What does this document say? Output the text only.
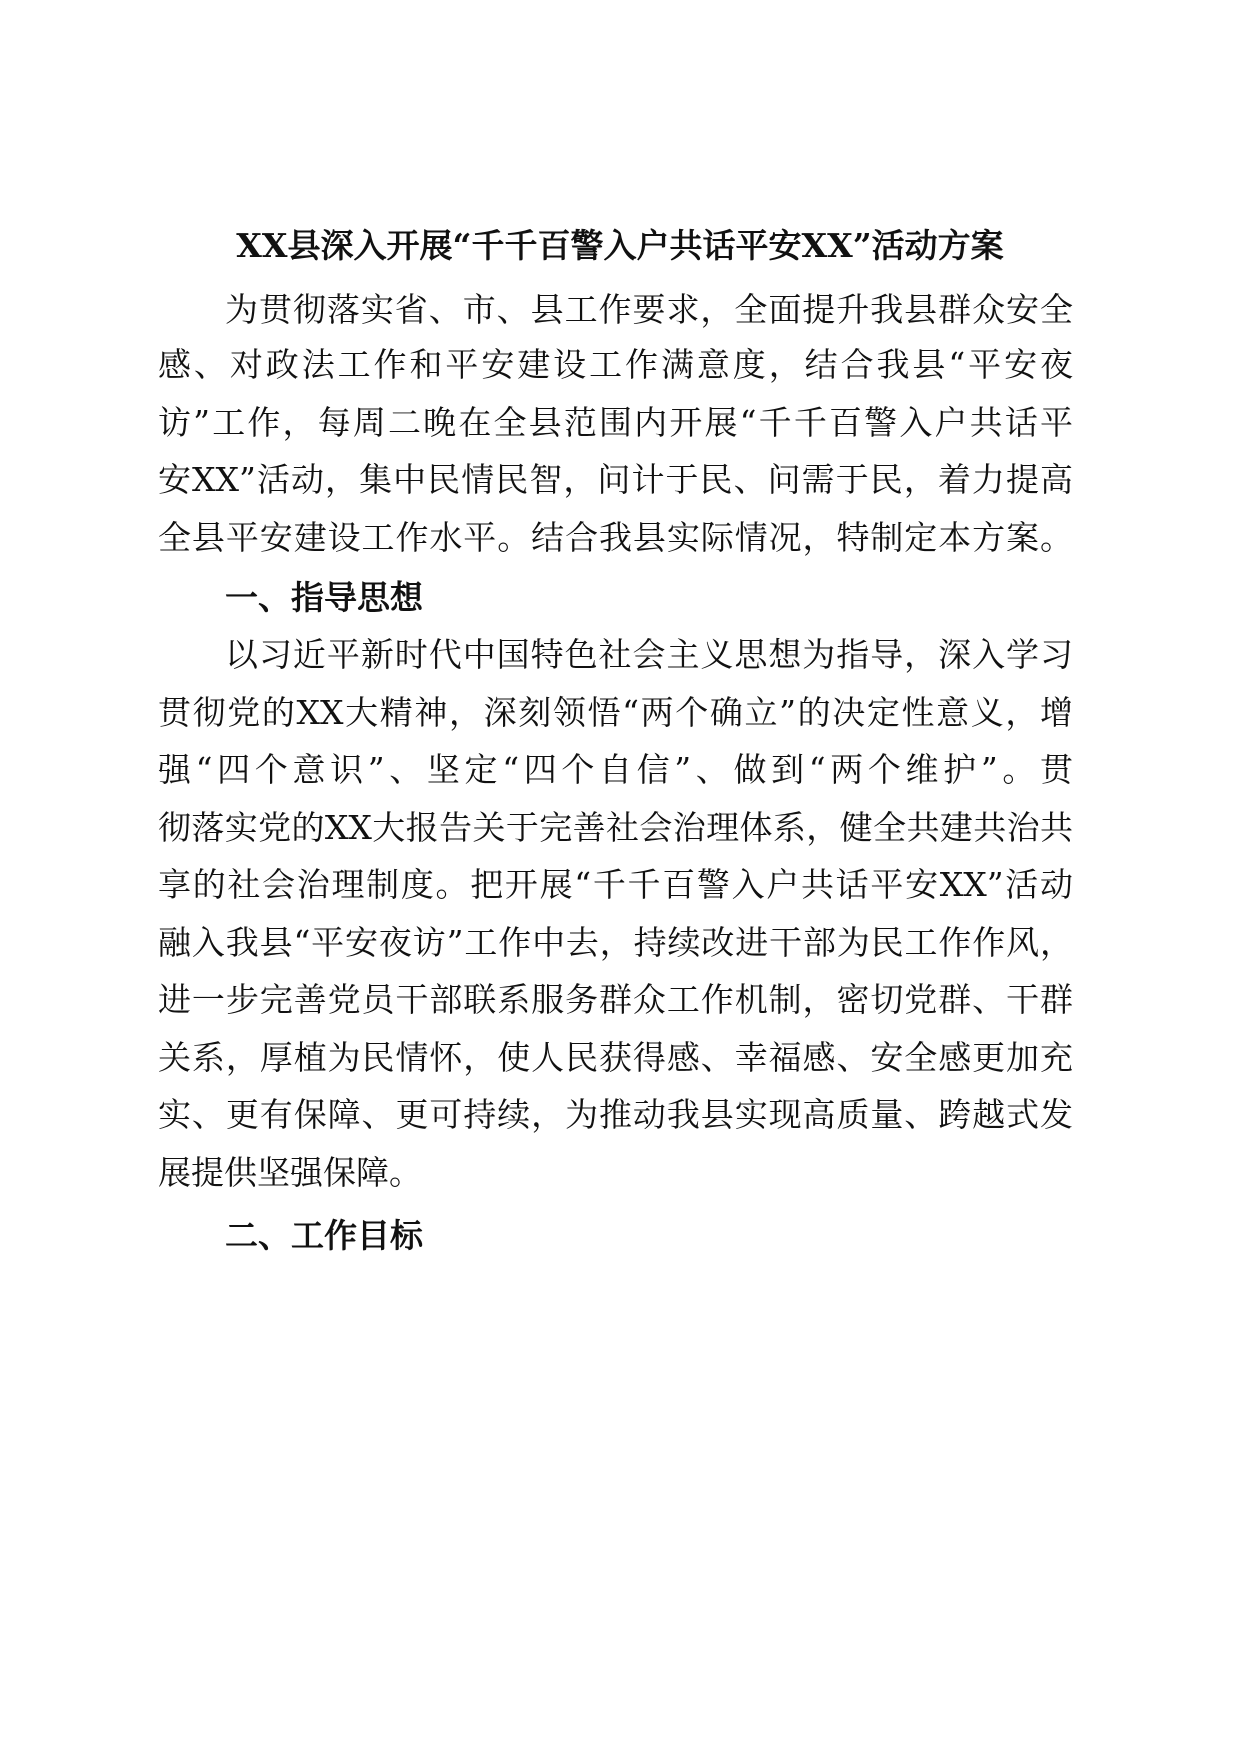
XX县深入开展“千千百警入户共话平安XX”活动方案
为贯彻落实省、市、县工作要求，全面提升我县群众安全
感、对政法工作和平安建设工作满意度，结合我县“平安夜
访”工作，每周二晚在全县范围内开展“千千百警入户共话平
安XX”活动，集中民情民智，问计于民、问需于民，着力提高
全县平安建设工作水平。结合我县实际情况，特制定本方案。
一、指导思想
以习近平新时代中国特色社会主义思想为指导，深入学习
贯彻党的XX大精神，深刻领悟“两个确立”的决定性意义，增
强“四个意识”、坚定“四个自信”、做到“两个维护”。贯
彻落实党的XX大报告关于完善社会治理体系，健全共建共治共
享的社会治理制度。把开展“千千百警入户共话平安XX”活动
融入我县“平安夜访”工作中去，持续改进干部为民工作作风，
进一步完善党员干部联系服务群众工作机制，密切党群、干群
关系，厚植为民情怀，使人民获得感、幸福感、安全感更加充
实、更有保障、更可持续，为推动我县实现高质量、跨越式发
展提供坚强保障。
二、工作目标
